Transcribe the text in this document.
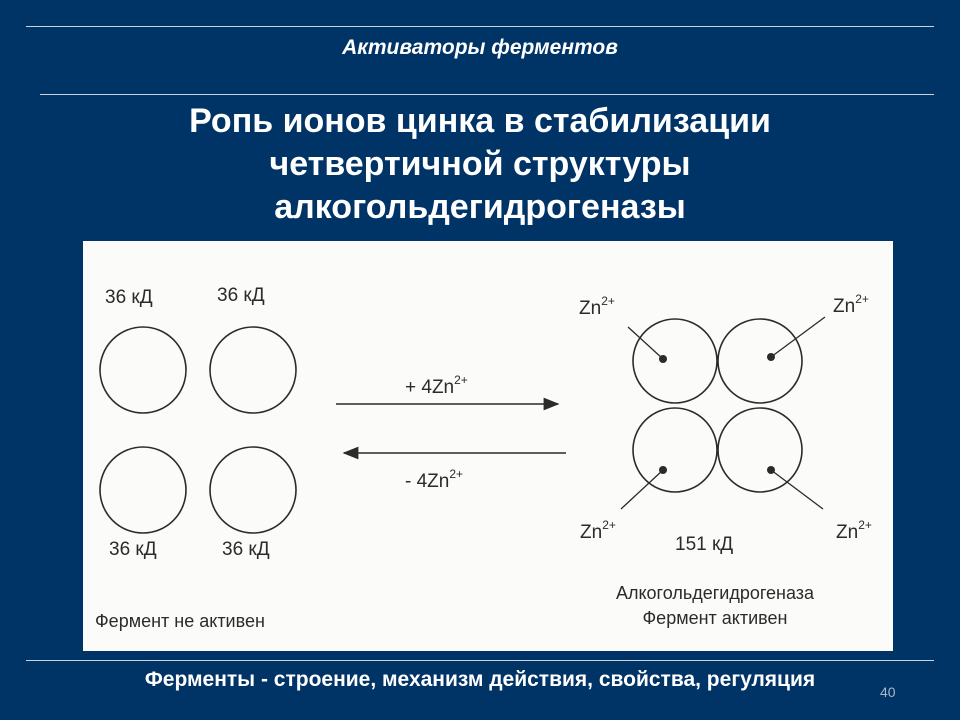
Активаторы ферментов
Ропь ионов цинка в стабилизации
четвертичной структуры
алкогольдегидрогеназы
36 кД	36 кД
36 кД	36 кД
Фермент не активен
+ $4Zn^{2+}$
- $4Zn^{2+}$
$Zn^{2+}$	$Zn^{2+}$
$Zn^{2+}$	$Zn^{2+}$
151 кД
Алкогольдегидрогеназа
Фермент активен
Ферменты - строение, механизм действия, свойства, регуляция
40
